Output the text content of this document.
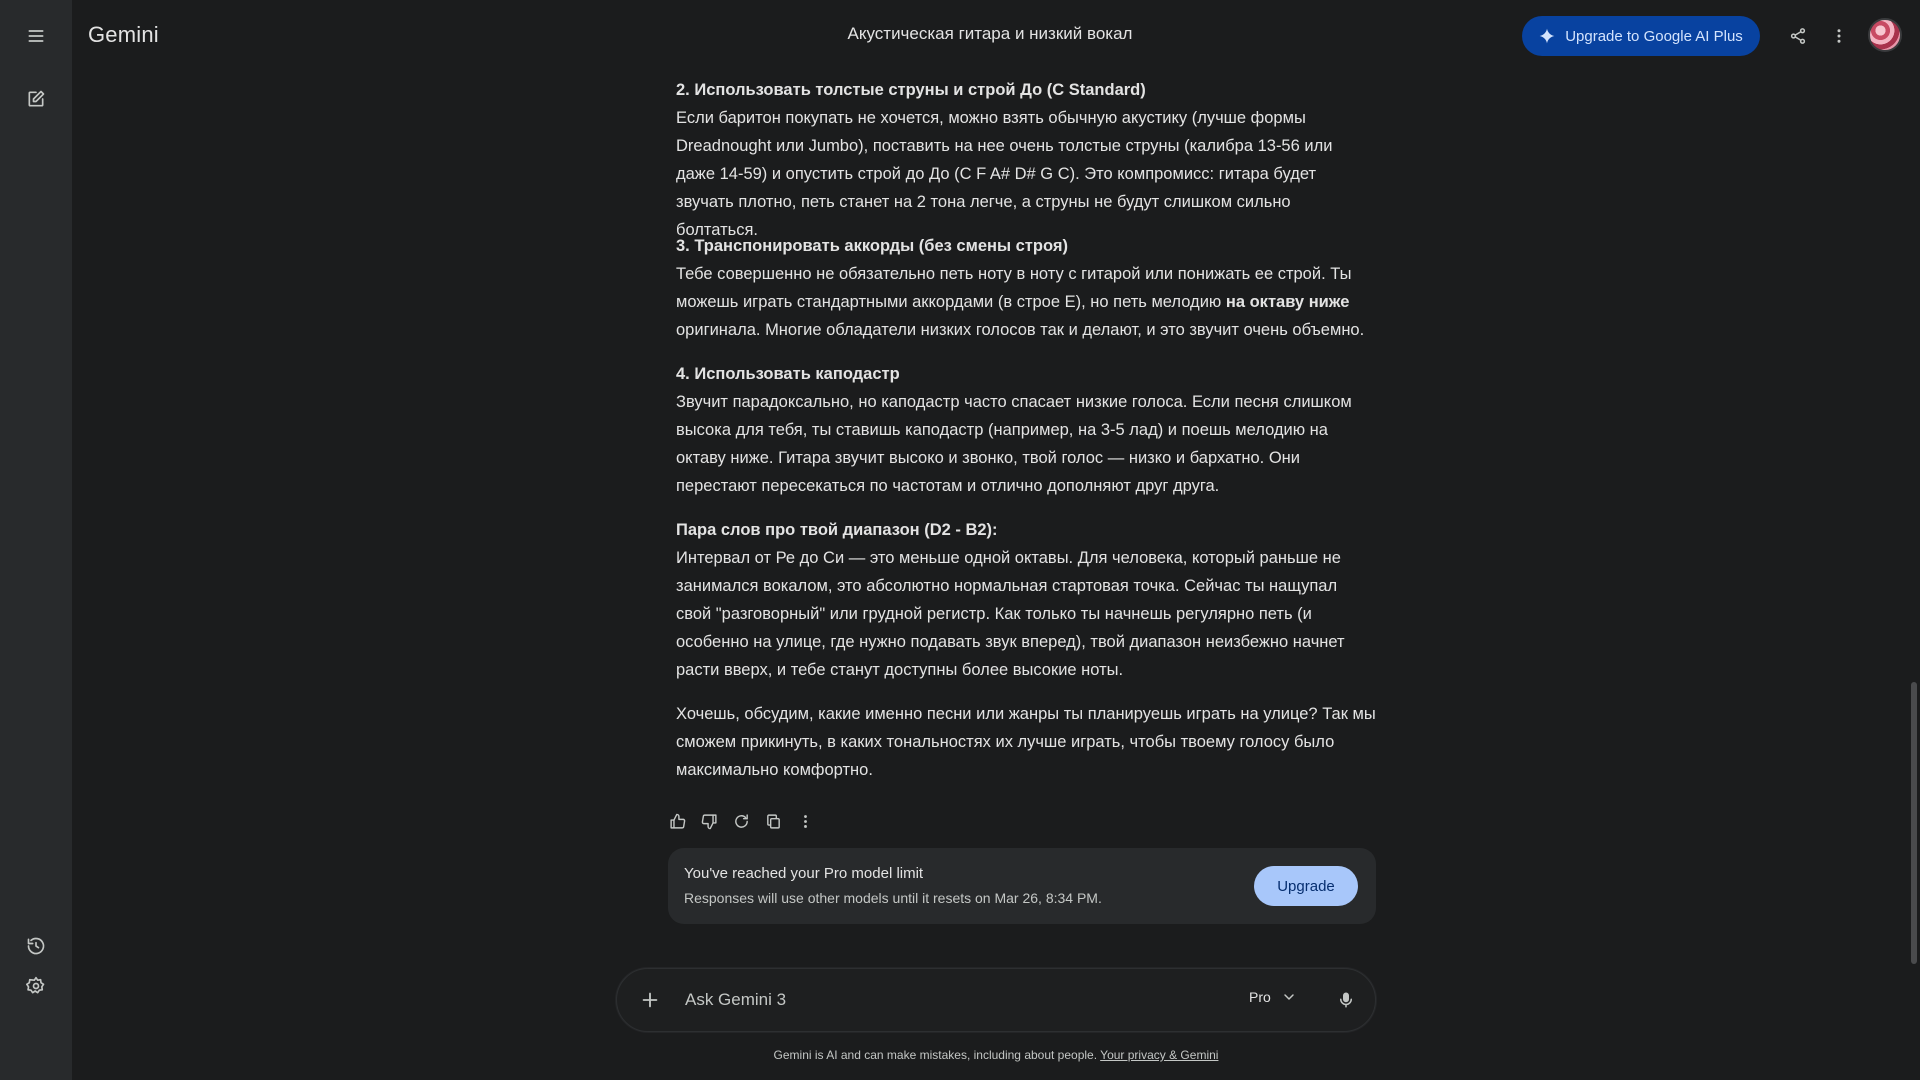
Gemini	Акустическая гитара и низкий вокал	Upgrade to Google AI Plus
2. Использовать толстые струны и строй До (C Standard)
Если баритон покупать не хочется, можно взять обычную акустику (лучше формы Dreadnought или Jumbo), поставить на нее очень толстые струны (калибра 13-56 или даже 14-59) и опустить строй до До (C F A# D# G C). Это компромисс: гитара будет звучать плотно, петь станет на 2 тона легче, а струны не будут слишком сильно болтаться.
3. Транспонировать аккорды (без смены строя)
Тебе совершенно не обязательно петь ноту в ноту с гитарой или понижать ее строй. Ты можешь играть стандартными аккордами (в строе E), но петь мелодию на октаву ниже оригинала. Многие обладатели низких голосов так и делают, и это звучит очень объемно.
4. Использовать каподастр
Звучит парадоксально, но каподастр часто спасает низкие голоса. Если песня слишком высока для тебя, ты ставишь каподастр (например, на 3-5 лад) и поешь мелодию на октаву ниже. Гитара звучит высоко и звонко, твой голос — низко и бархатно. Они перестают пересекаться по частотам и отлично дополняют друг друга.
Пара слов про твой диапазон (D2 - B2):
Интервал от Ре до Си — это меньше одной октавы. Для человека, который раньше не занимался вокалом, это абсолютно нормальная стартовая точка. Сейчас ты нащупал свой "разговорный" или грудной регистр. Как только ты начнешь регулярно петь (и особенно на улице, где нужно подавать звук вперед), твой диапазон неизбежно начнет расти вверх, и тебе станут доступны более высокие ноты.
Хочешь, обсудим, какие именно песни или жанры ты планируешь играть на улице? Так мы сможем прикинуть, в каких тональностях их лучше играть, чтобы твоему голосу было максимально комфортно.
You've reached your Pro model limit
Responses will use other models until it resets on Mar 26, 8:34 PM.
Upgrade
Ask Gemini 3
Pro
Gemini is AI and can make mistakes, including about people. Your privacy & Gemini
